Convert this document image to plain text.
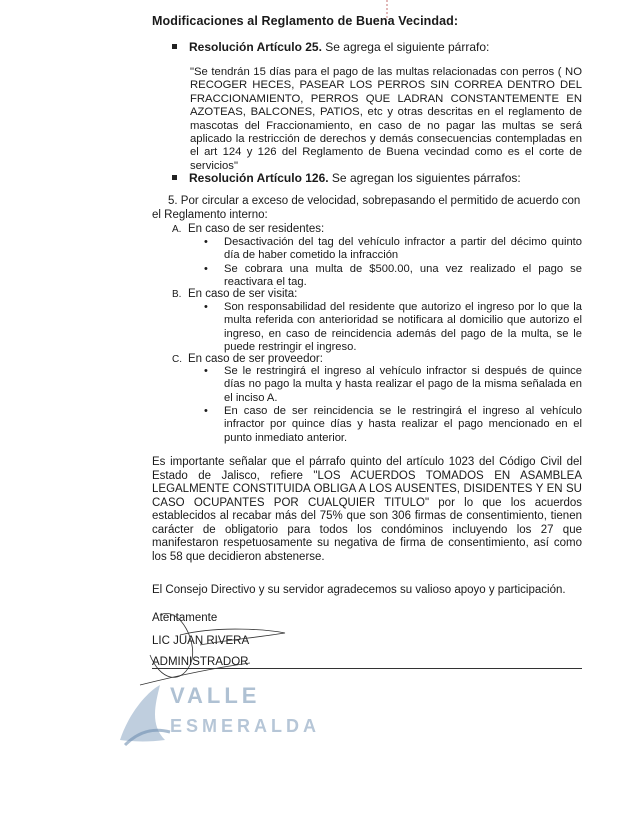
Modificaciones al Reglamento de Buena Vecindad:
Resolución Artículo 25. Se agrega el siguiente párrafo:
"Se tendrán 15 días para el pago de las multas relacionadas con perros ( NO RECOGER HECES, PASEAR LOS PERROS SIN CORREA DENTRO DEL FRACCIONAMIENTO, PERROS QUE LADRAN CONSTANTEMENTE EN AZOTEAS, BALCONES, PATIOS, etc y otras descritas en el reglamento de mascotas del Fraccionamiento, en caso de no pagar las multas se será aplicado la restricción de derechos y demás consecuencias contempladas en el art 124 y 126 del Reglamento de Buena vecindad como es el corte de servicios"
Resolución Artículo 126. Se agregan los siguientes párrafos:
5. Por circular a exceso de velocidad, sobrepasando el permitido de acuerdo con el Reglamento interno:
A. En caso de ser residentes:
• Desactivación del tag del vehículo infractor a partir del décimo quinto día de haber cometido la infracción
• Se cobrara una multa de $500.00, una vez realizado el pago se reactivara el tag.
B. En caso de ser visita:
• Son responsabilidad del residente que autorizo el ingreso por lo que la multa referida con anterioridad se notificara al domicilio que autorizo el ingreso, en caso de reincidencia además del pago de la multa, se le puede restringir el ingreso.
C. En caso de ser proveedor:
• Se le restringirá el ingreso al vehículo infractor si después de quince días no pago la multa y hasta realizar el pago de la misma señalada en el inciso A.
• En caso de ser reincidencia se le restringirá el ingreso al vehículo infractor por quince días y hasta realizar el pago mencionado en el punto inmediato anterior.
Es importante señalar que el párrafo quinto del artículo 1023 del Código Civil del Estado de Jalisco, refiere "LOS ACUERDOS TOMADOS EN ASAMBLEA LEGALMENTE CONSTITUIDA OBLIGA A LOS AUSENTES, DISIDENTES Y EN SU CASO OCUPANTES POR CUALQUIER TITULO" por lo que los acuerdos establecidos al recabar más del 75% que son 306 firmas de consentimiento, tienen carácter de obligatorio para todos los condóminos incluyendo los 27 que manifestaron respetuosamente su negativa de firma de consentimiento, así como los 58 que decidieron abstenerse.
El Consejo Directivo y su servidor agradecemos su valioso apoyo y participación.
Atentamente
LIC JUAN RIVERA
ADMINISTRADOR
VALLE
ESMERALDA
